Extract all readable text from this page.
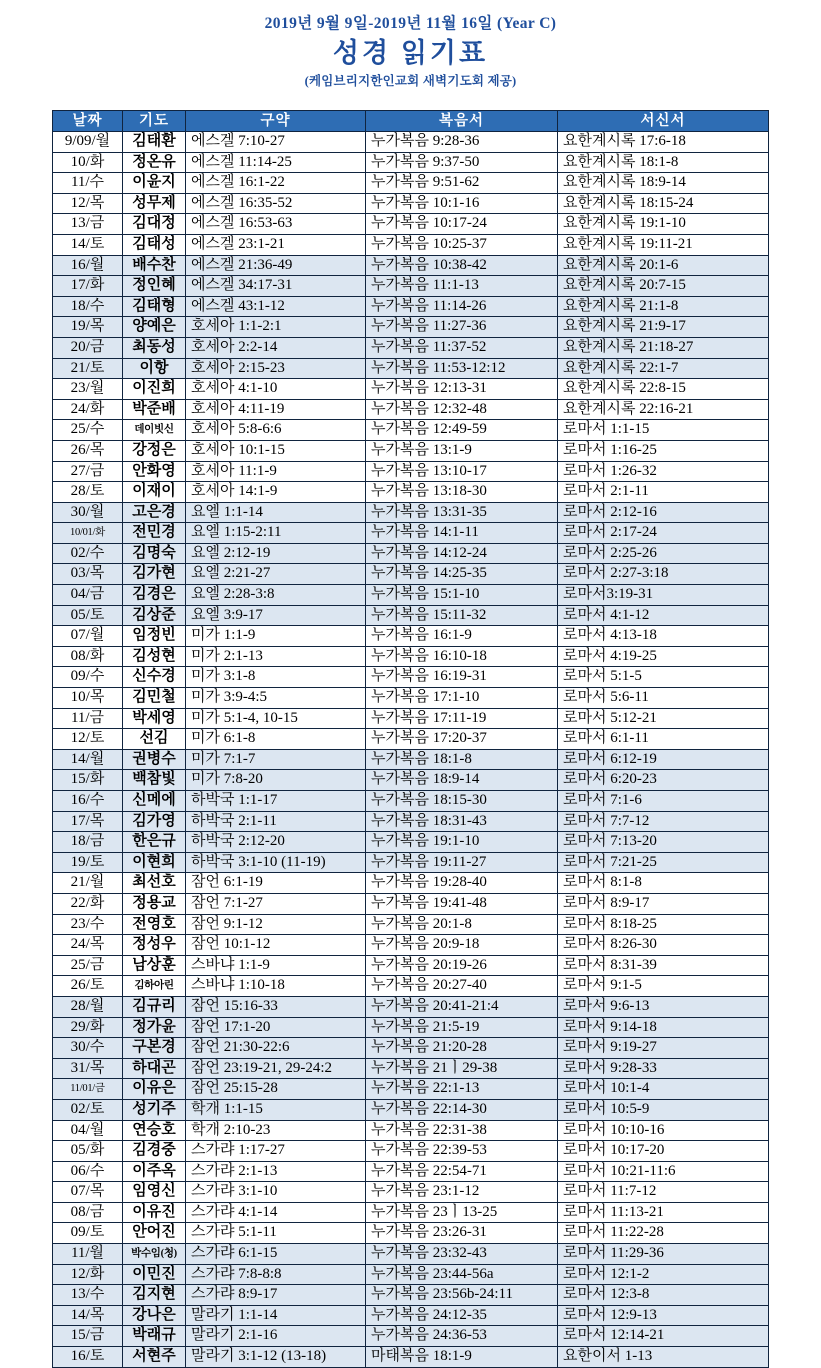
2019년 9월 9일-2019년 11월 16일 (Year C)
성경 읽기표
(케임브리지한인교회 새벽기도회 제공)
날짜	기도	구약	복음서	서신서
9/09/월	김태환	에스겔 7:10-27	누가복음 9:28-36	요한계시록 17:6-18
10/화	정온유	에스겔 11:14-25	누가복음 9:37-50	요한계시록 18:1-8
11/수	이윤지	에스겔 16:1-22	누가복음 9:51-62	요한계시록 18:9-14
12/목	성무제	에스겔 16:35-52	누가복음 10:1-16	요한계시록 18:15-24
13/금	김대정	에스겔 16:53-63	누가복음 10:17-24	요한계시록 19:1-10
14/토	김태성	에스겔 23:1-21	누가복음 10:25-37	요한계시록 19:11-21
16/월	배수찬	에스겔 21:36-49	누가복음 10:38-42	요한계시록 20:1-6
17/화	정인혜	에스겔 34:17-31	누가복음 11:1-13	요한계시록 20:7-15
18/수	김태형	에스겔 43:1-12	누가복음 11:14-26	요한계시록 21:1-8
19/목	양예은	호세아 1:1-2:1	누가복음 11:27-36	요한계시록 21:9-17
20/금	최동성	호세아 2:2-14	누가복음 11:37-52	요한계시록 21:18-27
21/토	이항	호세아 2:15-23	누가복음 11:53-12:12	요한계시록 22:1-7
23/월	이진희	호세아 4:1-10	누가복음 12:13-31	요한계시록 22:8-15
24/화	박준배	호세아 4:11-19	누가복음 12:32-48	요한계시록 22:16-21
25/수	데이빗신	호세아 5:8-6:6	누가복음 12:49-59	로마서 1:1-15
26/목	강정은	호세아 10:1-15	누가복음 13:1-9	로마서 1:16-25
27/금	안화영	호세아 11:1-9	누가복음 13:10-17	로마서 1:26-32
28/토	이재이	호세아 14:1-9	누가복음 13:18-30	로마서 2:1-11
30/월	고은경	요엘 1:1-14	누가복음 13:31-35	로마서 2:12-16
10/01/화	전민경	요엘 1:15-2:11	누가복음 14:1-11	로마서 2:17-24
02/수	김명숙	요엘 2:12-19	누가복음 14:12-24	로마서 2:25-26
03/목	김가현	요엘 2:21-27	누가복음 14:25-35	로마서 2:27-3:18
04/금	김경은	요엘 2:28-3:8	누가복음 15:1-10	로마서3:19-31
05/토	김상준	요엘 3:9-17	누가복음 15:11-32	로마서 4:1-12
07/월	임정빈	미가 1:1-9	누가복음 16:1-9	로마서 4:13-18
08/화	김성현	미가 2:1-13	누가복음 16:10-18	로마서 4:19-25
09/수	신수경	미가 3:1-8	누가복음 16:19-31	로마서 5:1-5
10/목	김민철	미가 3:9-4:5	누가복음 17:1-10	로마서 5:6-11
11/금	박세영	미가 5:1-4, 10-15	누가복음 17:11-19	로마서 5:12-21
12/토	선김	미가 6:1-8	누가복음 17:20-37	로마서 6:1-11
14/월	권병수	미가 7:1-7	누가복음 18:1-8	로마서 6:12-19
15/화	백참빛	미가 7:8-20	누가복음 18:9-14	로마서 6:20-23
16/수	신메에	하박국 1:1-17	누가복음 18:15-30	로마서 7:1-6
17/목	김가영	하박국 2:1-11	누가복음 18:31-43	로마서 7:7-12
18/금	한은규	하박국 2:12-20	누가복음 19:1-10	로마서 7:13-20
19/토	이현희	하박국 3:1-10 (11-19)	누가복음 19:11-27	로마서 7:21-25
21/월	최선호	잠언 6:1-19	누가복음 19:28-40	로마서 8:1-8
22/화	정용교	잠언 7:1-27	누가복음 19:41-48	로마서 8:9-17
23/수	전영호	잠언 9:1-12	누가복음 20:1-8	로마서 8:18-25
24/목	정성우	잠언 10:1-12	누가복음 20:9-18	로마서 8:26-30
25/금	남상훈	스바냐 1:1-9	누가복음 20:19-26	로마서 8:31-39
26/토	김하아린	스바냐 1:10-18	누가복음 20:27-40	로마서 9:1-5
28/월	김규리	잠언 15:16-33	누가복음 20:41-21:4	로마서 9:6-13
29/화	정가윤	잠언 17:1-20	누가복음 21:5-19	로마서 9:14-18
30/수	구본경	잠언 21:30-22:6	누가복음 21:20-28	로마서 9:19-27
31/목	하대곤	잠언 23:19-21, 29-24:2	누가복음 21ㅣ29-38	로마서 9:28-33
11/01/금	이유은	잠언 25:15-28	누가복음 22:1-13	로마서 10:1-4
02/토	성기주	학개 1:1-15	누가복음 22:14-30	로마서 10:5-9
04/월	연승호	학개 2:10-23	누가복음 22:31-38	로마서 10:10-16
05/화	김경중	스가랴 1:17-27	누가복음 22:39-53	로마서 10:17-20
06/수	이주옥	스가랴 2:1-13	누가복음 22:54-71	로마서 10:21-11:6
07/목	임영신	스가랴 3:1-10	누가복음 23:1-12	로마서 11:7-12
08/금	이유진	스가랴 4:1-14	누가복음 23ㅣ13-25	로마서 11:13-21
09/토	안어진	스가랴 5:1-11	누가복음 23:26-31	로마서 11:22-28
11/월	박수임(청)	스가랴 6:1-15	누가복음 23:32-43	로마서 11:29-36
12/화	이민진	스가랴 7:8-8:8	누가복음 23:44-56a	로마서 12:1-2
13/수	김지현	스가랴 8:9-17	누가복음 23:56b-24:11	로마서 12:3-8
14/목	강나은	말라기 1:1-14	누가복음 24:12-35	로마서 12:9-13
15/금	박래규	말라기 2:1-16	누가복음 24:36-53	로마서 12:14-21
16/토	서현주	말라기 3:1-12 (13-18)	마태복음 18:1-9	요한이서 1-13
